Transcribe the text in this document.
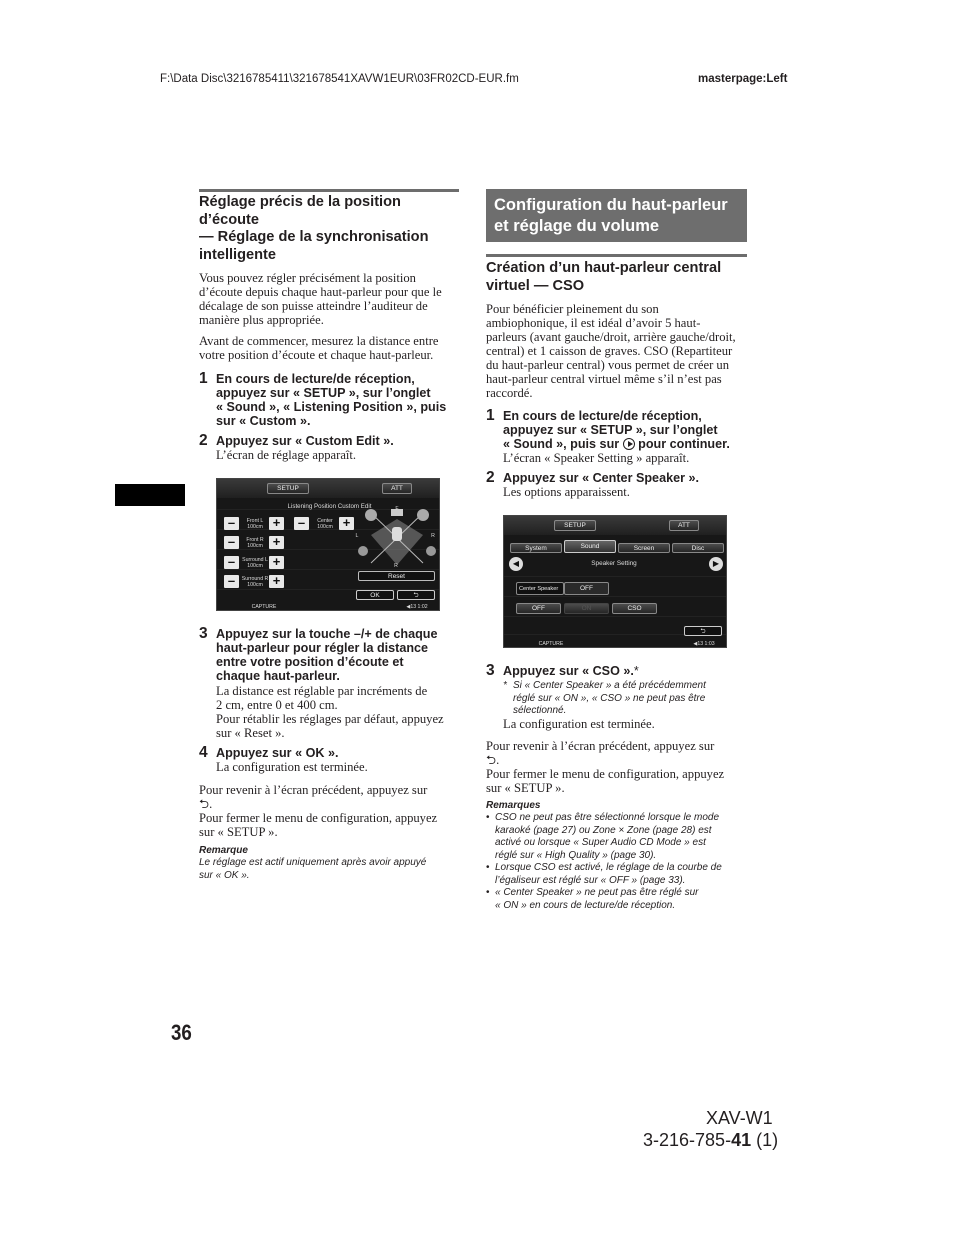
F:\Data Disc\3216785411\321678541XAVW1EUR\03FR02CD-EUR.fm	masterpage:Left
Réglage précis de la position
d’écoute
— Réglage de la synchronisation
intelligente
Vous pouvez régler précisément la position
d’écoute depuis chaque haut-parleur pour que le
décalage de son puisse atteindre l’auditeur de
manière plus appropriée.
Avant de commencer, mesurez la distance entre
votre position d’écoute et chaque haut-parleur.
1 En cours de lecture/de réception,
appuyez sur « SETUP », sur l’onglet
« Sound », « Listening Position », puis
sur « Custom ».
2 Appuyez sur « Custom Edit ».
L’écran de réglage apparaît.
SETUP	ATT
Listening Position Custom Edit
–	Front L
100cm +
–	Front R
100cm +
–	Surround L
100cm +
–	Surround R
100cm +
–	Center
100cm +
F
L	R
R
Reset
OK	⮌
CAPTURE	◀13 1:02
3 Appuyez sur la touche –/+ de chaque
haut-parleur pour régler la distance
entre votre position d’écoute et
chaque haut-parleur.
La distance est réglable par incréments de
2 cm, entre 0 et 400 cm.
Pour rétablir les réglages par défaut, appuyez
sur « Reset ».
4 Appuyez sur « OK ».
La configuration est terminée.
Pour revenir à l’écran précédent, appuyez sur
⮌.
Pour fermer le menu de configuration, appuyez
sur « SETUP ».
Remarque
Le réglage est actif uniquement après avoir appuyé
sur « OK ».
Configuration du haut-parleur
et réglage du volume
Création d’un haut-parleur central
virtuel — CSO
Pour bénéficier pleinement du son
ambiophonique, il est idéal d’avoir 5 haut-
parleurs (avant gauche/droit, arrière gauche/droit,
central) et 1 caisson de graves. CSO (Repartiteur
du haut-parleur central) vous permet de créer un
haut-parleur central virtuel même s’il n’est pas
raccordé.
1 En cours de lecture/de réception,
appuyez sur « SETUP », sur l’onglet
« Sound », puis sur pour continuer.
L’écran « Speaker Setting » apparaît.
2 Appuyez sur « Center Speaker ».
Les options apparaissent.
SETUP	ATT
System	Sound	Screen	Disc
◀	▶
Speaker Setting
Center Speaker	OFF
OFF	ON	CSO
⮌
CAPTURE	◀13 1:03
3 Appuyez sur « CSO ».*
* Si « Center Speaker » a été précédemment
réglé sur « ON », « CSO » ne peut pas être
sélectionné.
La configuration est terminée.
Pour revenir à l’écran précédent, appuyez sur
⮌.
Pour fermer le menu de configuration, appuyez
sur « SETUP ».
Remarques
• CSO ne peut pas être sélectionné lorsque le mode
karaoké (page 27) ou Zone × Zone (page 28) est
activé ou lorsque « Super Audio CD Mode » est
réglé sur « High Quality » (page 30).
• Lorsque CSO est activé, le réglage de la courbe de
l’égaliseur est réglé sur « OFF » (page 33).
• « Center Speaker » ne peut pas être réglé sur
« ON » en cours de lecture/de réception.
36
XAV-W1
3-216-785-41 (1)
